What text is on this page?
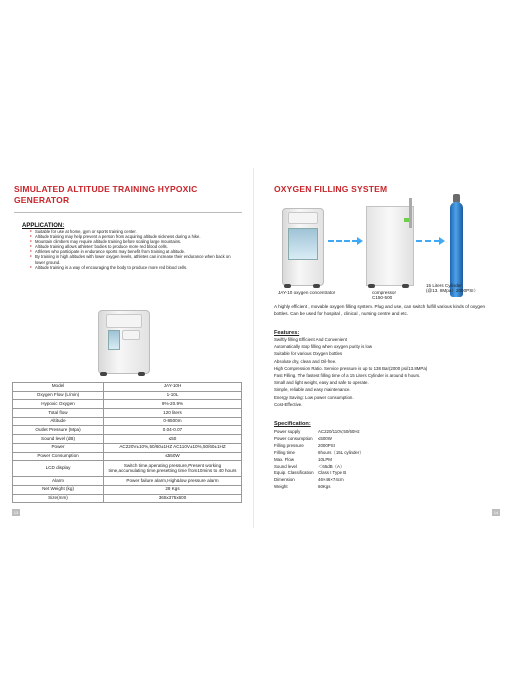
SIMULATED ALTITUDE TRAINING HYPOXIC GENERATOR
APPLICATION:
♦ Suitable for use at home, gym or sports training center.
♦ Altitude training may help prevent a person from acquiring altitude sickness during a hike.
♦ Mountain climbers may require altitude training before scaling large mountains.
♦ Altitude training allows athletes' bodies to produce more red blood cells.
♦ Athletes who participate in endurance sports may benefit from training at altitude.
♦ By training in high altitudes with lower oxygen levels, athletes can increase their endurance when back on lower ground.
♦ Altitude training is a way of encouraging the body to produce more red blood cells.
Model	JAY-10H
Oxygen Flow (L/min)	1-10L
Hypoxic Oxygen	9%-20.9%
Total flow	120 liters
Altitude	0-8500m
Outlet Pressure (Mpa)	0.04-0.07
Sound level (dB)	≤50
Power	AC220V±10%,50/60±1HZ AC110V±10%,50/60±1HZ
Power Consumption	≤550W
LCD display	Switch time,operating pressure,Present working time,accumulating time,presetting time from10mins to 40 hours
Alarm	Power failure alarm,High&low pressure alarm
Net Weight (kg)	28 Kgs
Size(mm)	365x375x600
13
OXYGEN FILLING SYSTEM
JAY-10 oxygen concentrator	compressor
C150-500
15 Liters Cylinder
(@13. 8Mpa）2000PSI）
A highly efficient , movable oxygen filling system. Plug and use, can switch fulfill various kinds of oxygen bottles. Can be used for hospital , clinical , nursing centre and etc.
Features:
Swiftly filling Efficient And Convenient
Automatically stop filling when oxygen purity is low
Suitable for various Oxygen bottles
Absolute dry, clean and Oil-free.
High Compression Ratio. Service pressure is up to 138 Bar(2000 psi/13.8MPa)
Fast Filling. The fastest filling time of a 15 Liters Cylinder is around 6 hours.
Small and light weight, easy and safe to operate.
Simple, reliable and easy maintenance.
Energy Saving: Low power consumption.
Cost-Effective.
Specification:
Power supply	AC220/110V,50/60Hz
Power consumption	≤500W
Filling pressure	2000PSI
Filling time	6hours（15L cylinder）
Max. Flow	10LPM
Sound level	＜65dB（A）
Equip. Classification	Class I Type B
Dimension	46×46×74cm
Weight	60Kgs
14
